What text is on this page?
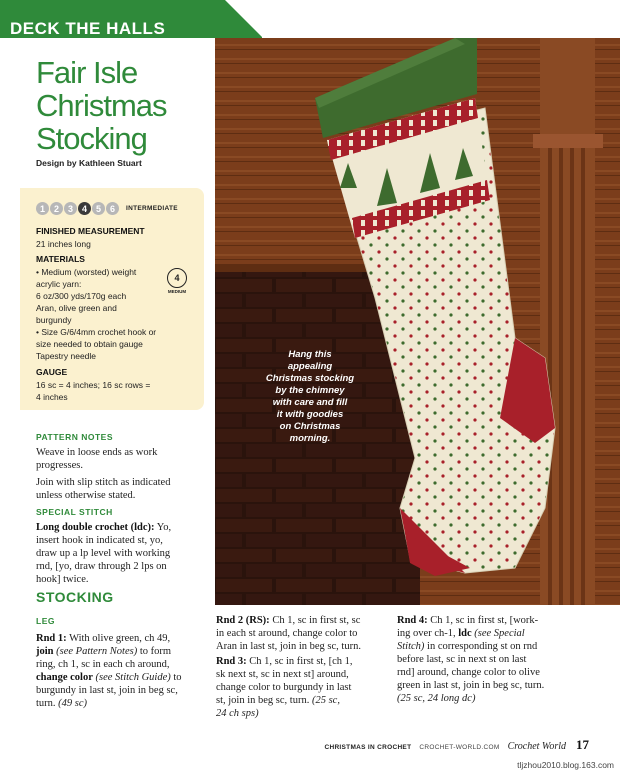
DECK THE HALLS
Fair Isle
Christmas
Stocking
Design by Kathleen Stuart
1 2 3 4 5 6	INTERMEDIATE
FINISHED MEASUREMENT
21 inches long
MATERIALS
• Medium (worsted) weight
acrylic yarn:
6 oz/300 yds/170g each
Aran, olive green and
burgundy
• Size G/6/4mm crochet hook or
size needed to obtain gauge
Tapestry needle
4
MEDIUM
GAUGE
16 sc = 4 inches; 16 sc rows =
4 inches
PATTERN NOTES
Weave in loose ends as work
progresses.
Join with slip stitch as indicated
unless otherwise stated.
SPECIAL STITCH
Long double crochet (ldc): Yo,
insert hook in indicated st, yo,
draw up a lp level with working
rnd, [yo, draw through 2 lps on
hook] twice.
STOCKING
LEG
Rnd 1: With olive green, ch 49,
join (see Pattern Notes) to form
ring, ch 1, sc in each ch around,
change color (see Stitch Guide) to
burgundy in last st, join in beg sc,
turn. (49 sc)
Rnd 2 (RS): Ch 1, sc in first st, sc
in each st around, change color to
Aran in last st, join in beg sc, turn.
Rnd 3: Ch 1, sc in first st, [ch 1,
sk next st, sc in next st] around,
change color to burgundy in last
st, join in beg sc, turn. (25 sc,
24 ch sps)
Rnd 4: Ch 1, sc in first st, [work-
ing over ch-1, ldc (see Special
Stitch) in corresponding st on rnd
before last, sc in next st on last
rnd] around, change color to olive
green in last st, join in beg sc, turn.
(25 sc, 24 long dc)
Hang this
appealing
Christmas stocking
by the chimney
with care and fill
it with goodies
on Christmas
morning.
CHRISTMAS IN CROCHET CROCHET-WORLD.COM Crochet World 17
tljzhou2010.blog.163.com
